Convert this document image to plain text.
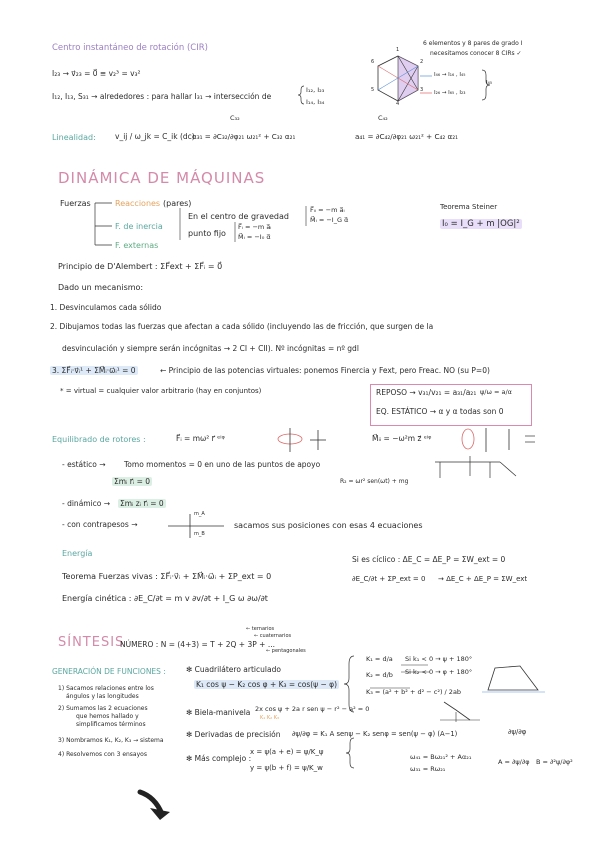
Centro instantáneo de rotación (CIR)
I₂₃ → v⃗₂₃ = 0⃗ ≡ v₂³ = v₃²
I₁₂, I₁₃, S₃₁ → alrededores : para hallar I₃₁ → intersección de
I₁₂, I₂₃
I₁₄, I₃₄
Linealidad:	v_ij / ω_jk = C_ik (dc)
C₃₂
α₃₁ = ∂C₃₂/∂φ₂₁ ω₂₁² + C₃₂ α₂₁
C₄₂
a₄₁ = ∂C₄₂/∂φ₂₁ ω₂₁² + C₄₂ α₂₁
6 elementos y 8 pares de grado I
necesitamos conocer 8 CIRs ✓
I₄₆ → I₁₆ , I₄₅
I₂₆ → I₆₅ , I₂₃
I₄₅
1
2
3
4
5
6
DINÁMICA DE MÁQUINAS
Fuerzas	Reacciones (pares)
F. de inercia
F. externas
En el centro de gravedad
punto fijo
F⃗ᵢᵢ = −m a⃗ᵢ
M⃗ᵢ = −I_G α⃗
F⃗ᵢ = −m a⃗ᵢ
M⃗ᵢ = −I₀ α⃗
Teorema Steiner
I₀ = I_G + m |OG|²
Principio de D'Alembert : ΣF⃗ext + ΣF⃗ᵢ = 0⃗
Dado un mecanismo:
1. Desvinculamos cada sólido
2. Dibujamos todas las fuerzas que afectan a cada sólido (incluyendo las de fricción, que surgen de la
desvinculación y siempre serán incógnitas → 2 CI + CII). Nº incógnitas = nº gdl
3. ΣF⃗ᵢ·v⃗ᵢ¹ + ΣM⃗ᵢ·ω⃗ᵢ¹ = 0	← Principio de las potencias virtuales: ponemos Finercia y Fext, pero Freac. NO (su P=0)
* = virtual = cualquier valor arbitrario (hay en conjuntos)	REPOSO → v₃₁/v₂₁ = a₃₁/a₂₁ ψ/ω = a/α
EQ. ESTÁTICO → α y α todas son 0
Equilibrado de rotores :	F⃗ᵢ = mω² r⃗ ᵉⁱᵠ	M⃗ᵢᵢ = −ω²m z⃗ ᵉⁱᵠ
- estático → Tomo momentos = 0 en uno de las puntos de apoyo
Σmᵢ r⃗ᵢ = 0	R₂ = ωr² sen(ωt) + mg
- dinámico → Σmᵢ zᵢ r⃗ᵢ = 0
- con contrapesos →	sacamos sus posiciones con esas 4 ecuaciones
m_A
m_B
Energía
Teorema Fuerzas vivas : ΣF⃗ᵢ·v⃗ᵢ + ΣM⃗ᵢ·ω⃗ᵢ + ΣP_ext = 0
Si es cíclico : ΔE_C = ΔE_P = ΣW_ext = 0
∂E_C/∂t + ΣP_ext = 0 → ΔE_C + ΔE_P = ΣW_ext
Energía cinética : ∂E_C/∂t = m v ∂v/∂t + I_G ω ∂ω/∂t
SÍNTESIS
NÚMERO : N = (4+3) = T + 2Q + 3P + ...
← ternarios
← cuaternarios
← pentagonales
GENERACIÓN DE FUNCIONES :
1) Sacamos relaciones entre los
ángulos y las longitudes
2) Sumamos las 2 ecuaciones
que hemos hallado y
simplificamos términos
3) Nombramos K₁, K₂, K₃ → sistema
4) Resolvemos con 3 ensayos
✻ Cuadrilátero articulado
K₁ cos ψ − K₂ cos φ + K₃ = cos(ψ − φ)
K₁ = d/a
K₂ = d/b
K₃ = (a² + b² + d² − c²) / 2ab
Si k₁ < 0 → ψ + 180°
Si k₂ < 0 → φ + 180°
✻ Biela-manivela 2x cos ψ + 2a r sen ψ − r² − a² = 0
K₁ K₂ K₃
✻ Derivadas de precisión ∂ψ/∂φ = K₁ A senψ − K₂ senφ = sen(ψ − φ) (A−1)	∂ψ/∂φ
✻ Más complejo :
x = ψ(a + e) = ψ/K_ψ
y = ψ(b + f) = ψ/K_w
ω₄₁ = Bω₂₁² + Aα₂₁
ω₃₁ = Rω₂₁
A = ∂ψ/∂φ B = ∂²ψ/∂φ²
